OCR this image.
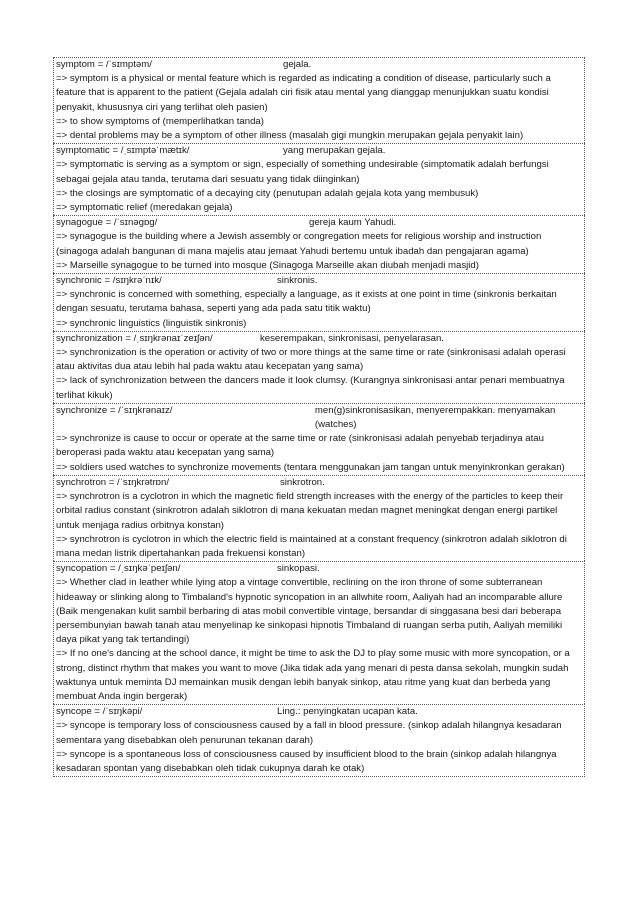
symptom = /ˈsɪmptəm/	gejala.
=> symptom is a physical or mental feature which is regarded as indicating a condition of disease, particularly such a feature that is apparent to the patient (Gejala adalah ciri fisik atau mental yang dianggap menunjukkan suatu kondisi penyakit, khususnya ciri yang terlihat oleh pasien)
=> to show symptoms of (memperlihatkan tanda)
=> dental problems may be a symptom of other illness (masalah gigi mungkin merupakan gejala penyakit lain)
symptomatic = /ˌsɪmptəˈmætɪk/	yang merupakan gejala.
=> symptomatic is serving as a symptom or sign, especially of something undesirable (simptomatik adalah berfungsi sebagai gejala atau tanda, terutama dari sesuatu yang tidak diinginkan)
=> the closings are symptomatic of a decaying city (penutupan adalah gejala kota yang membusuk)
=> symptomatic relief (meredakan gejala)
synagogue = /ˈsɪnəɡɒɡ/	gereja kaum Yahudi.
=> synagogue is the building where a Jewish assembly or congregation meets for religious worship and instruction (sinagoga adalah bangunan di mana majelis atau jemaat Yahudi bertemu untuk ibadah dan pengajaran agama)
=> Marseille synagogue to be turned into mosque (Sinagoga Marseille akan diubah menjadi masjid)
synchronic = /sɪŋkrəˈnɪk/	sinkronis.
=> synchronic is concerned with something, especially a language, as it exists at one point in time (sinkronis berkaitan dengan sesuatu, terutama bahasa, seperti yang ada pada satu titik waktu)
=> synchronic linguistics (linguistik sinkronis)
synchronization = /ˌsɪŋkrənaɪˈzeɪʃən/	keserempakan, sinkronisasi, penyelarasan.
=> synchronization is the operation or activity of two or more things at the same time or rate (sinkronisasi adalah operasi atau aktivitas dua atau lebih hal pada waktu atau kecepatan yang sama)
=> lack of synchronization between the dancers made it look clumsy. (Kurangnya sinkronisasi antar penari membuatnya terlihat kikuk)
synchronize = /ˈsɪŋkrənaɪz/	men(g)sinkronisasikan, menyerempakkan. menyamakan (watches)
=> synchronize is cause to occur or operate at the same time or rate (sinkronisasi adalah penyebab terjadinya atau beroperasi pada waktu atau kecepatan yang sama)
=> soldiers used watches to synchronize movements (tentara menggunakan jam tangan untuk menyinkronkan gerakan)
synchrotron = /ˈsɪŋkrətrɒn/	sinkrotron.
=> synchrotron is a cyclotron in which the magnetic field strength increases with the energy of the particles to keep their orbital radius constant (sinkrotron adalah siklotron di mana kekuatan medan magnet meningkat dengan energi partikel untuk menjaga radius orbitnya konstan)
=> synchrotron is cyclotron in which the electric field is maintained at a constant frequency (sinkrotron adalah siklotron di mana medan listrik dipertahankan pada frekuensi konstan)
syncopation = /ˌsɪŋkəˈpeɪʃən/	sinkopasi.
=> Whether clad in leather while lying atop a vintage convertible, reclining on the iron throne of some subterranean hideaway or slinking along to Timbaland's hypnotic syncopation in an allwhite room, Aaliyah had an incomparable allure (Baik mengenakan kulit sambil berbaring di atas mobil convertible vintage, bersandar di singgasana besi dari beberapa persembunyian bawah tanah atau menyelinap ke sinkopasi hipnotis Timbaland di ruangan serba putih, Aaliyah memiliki daya pikat yang tak tertandingi)
=> If no one's dancing at the school dance, it might be time to ask the DJ to play some music with more syncopation, or a strong, distinct rhythm that makes you want to move (Jika tidak ada yang menari di pesta dansa sekolah, mungkin sudah waktunya untuk meminta DJ memainkan musik dengan lebih banyak sinkop, atau ritme yang kuat dan berbeda yang membuat Anda ingin bergerak)
syncope = /ˈsɪŋkəpi/	Ling.: penyingkatan ucapan kata.
=> syncope is temporary loss of consciousness caused by a fall in blood pressure. (sinkop adalah hilangnya kesadaran sementara yang disebabkan oleh penurunan tekanan darah)
=> syncope is a spontaneous loss of consciousness caused by insufficient blood to the brain (sinkop adalah hilangnya kesadaran spontan yang disebabkan oleh tidak cukupnya darah ke otak)
